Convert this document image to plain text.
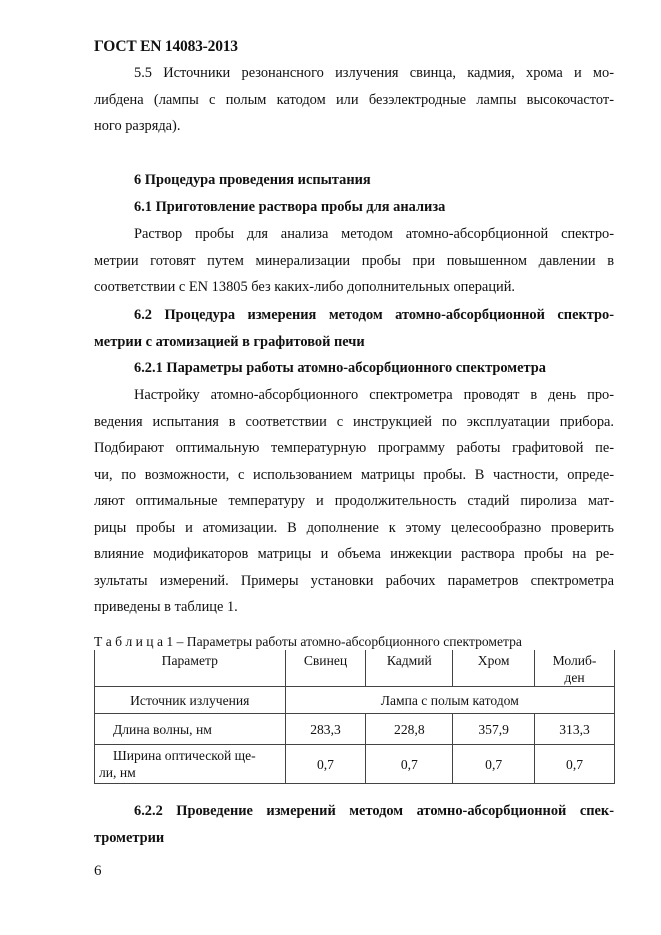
ГОСТ EN 14083-2013
5.5 Источники резонансного излучения свинца, кадмия, хрома и мо-
либдена (лампы с полым катодом или безэлектродные лампы высокочастот-
ного разряда).
6 Процедура проведения испытания
6.1 Приготовление раствора пробы для анализа
Раствор пробы для анализа методом атомно-абсорбционной спектро-
метрии готовят путем минерализации пробы при повышенном давлении в
соответствии с EN 13805 без каких-либо дополнительных операций.
6.2 Процедура измерения методом атомно-абсорбционной спектро-
метрии с атомизацией в графитовой печи
6.2.1 Параметры работы атомно-абсорбционного спектрометра
Настройку атомно-абсорбционного спектрометра проводят в день про-
ведения испытания в соответствии с инструкцией по эксплуатации прибора.
Подбирают оптимальную температурную программу работы графитовой пе-
чи, по возможности, с использованием матрицы пробы. В частности, опреде-
ляют оптимальные температуру и продолжительность стадий пиролиза мат-
рицы пробы и атомизации. В дополнение к этому целесообразно проверить
влияние модификаторов матрицы и объема инжекции раствора пробы на ре-
зультаты измерений. Примеры установки рабочих параметров спектрометра
приведены в таблице 1.
Т а б л и ц а 1 – Параметры работы атомно-абсорбционного спектрометра
Параметр	Свинец	Кадмий	Хром	Молиб-
ден
Источник излучения	Лампа с полым катодом			
Длина волны, нм	283,3	228,8	357,9	313,3
Ширина оптической ще-
ли, нм	0,7	0,7	0,7	0,7
6.2.2 Проведение измерений методом атомно-абсорбционной спек-
трометрии
6
